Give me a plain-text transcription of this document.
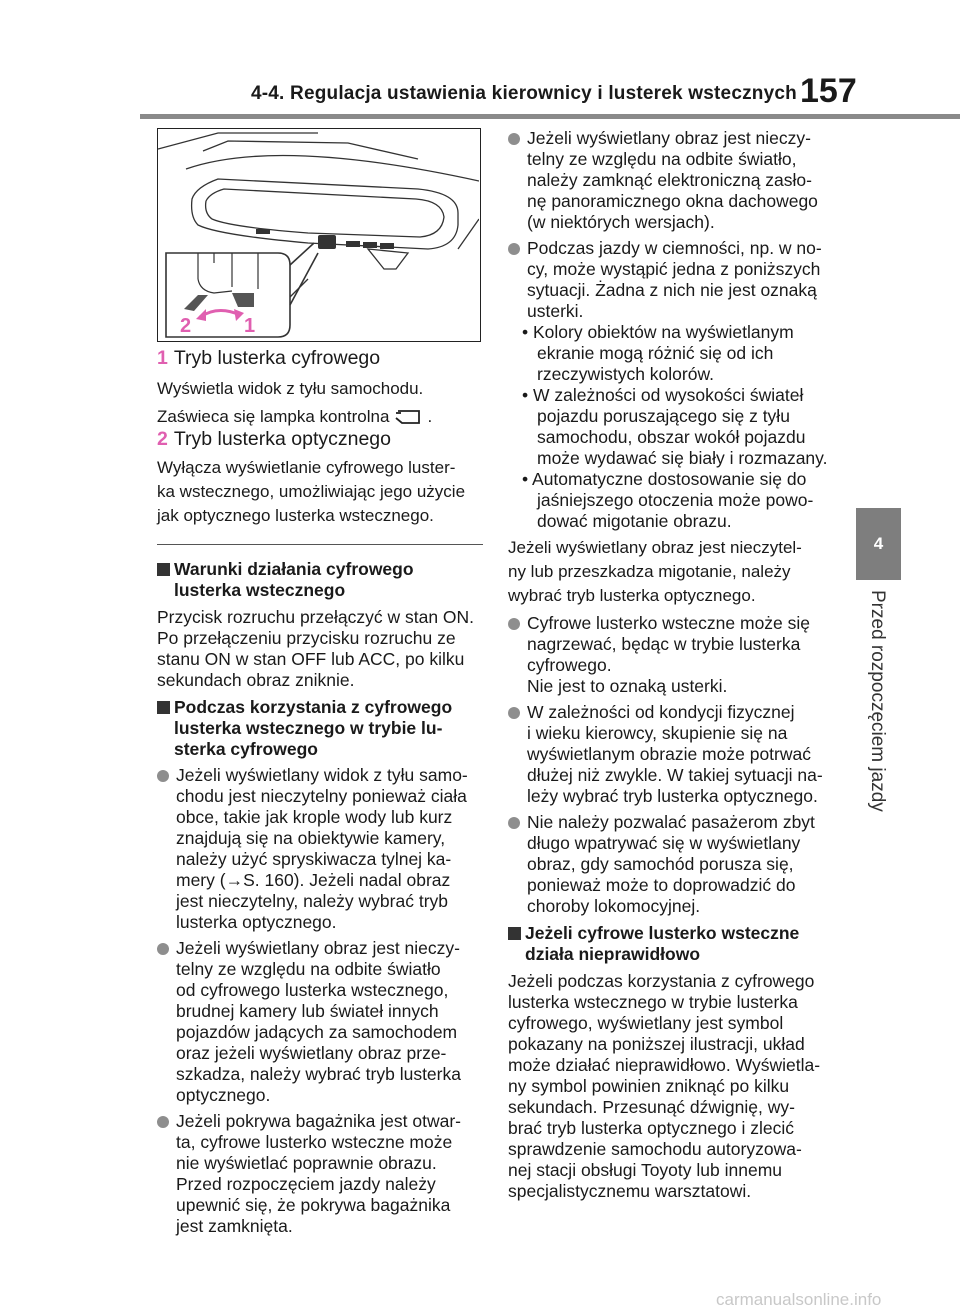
4-4. Regulacja ustawienia kierownicy i lusterek wstecznych 157
4
Przed rozpoczęciem jazdy
2	1

1 Tryb lusterka cyfrowego

Wyświetla widok z tyłu samochodu.

Zaświeca się lampka kontrolna .

2 Tryb lusterka optycznego

Wyłącza wyświetlanie cyfrowego luster-

ka wstecznego, umożliwiając jego użycie

jak optycznego lusterka wstecznego.

Warunki działania cyfrowego
lusterka wstecznego

Przycisk rozruchu przełączyć w stan ON.

Po przełączeniu przycisku rozruchu ze

stanu ON w stan OFF lub ACC, po kilku

sekundach obraz zniknie.

Podczas korzystania z cyfrowego
lusterka wstecznego w trybie lu-
sterka cyfrowego
Jeżeli wyświetlany widok z tyłu samo-
chodu jest nieczytelny ponieważ ciała
obce, takie jak krople wody lub kurz
znajdują się na obiektywie kamery,
należy użyć spryskiwacza tylnej ka-
mery (→S. 160). Jeżeli nadal obraz
jest nieczytelny, należy wybrać tryb
lusterka optycznego.
Jeżeli wyświetlany obraz jest nieczy-
telny ze względu na odbite światło
od cyfrowego lusterka wstecznego,
brudnej kamery lub świateł innych
pojazdów jadących za samochodem
oraz jeżeli wyświetlany obraz prze-
szkadza, należy wybrać tryb lusterka
optycznego.
Jeżeli pokrywa bagażnika jest otwar-
ta, cyfrowe lusterko wsteczne może
nie wyświetlać poprawnie obrazu.
Przed rozpoczęciem jazdy należy
upewnić się, że pokrywa bagażnika
jest zamknięta.
Jeżeli wyświetlany obraz jest nieczy-
telny ze względu na odbite światło,
należy zamknąć elektroniczną zasło-
nę panoramicznego okna dachowego
(w niektórych wersjach).
Podczas jazdy w ciemności, np. w no-
cy, może wystąpić jedna z poniższych
sytuacji. Żadna z nich nie jest oznaką
usterki.
• Kolory obiektów na wyświetlanym
ekranie mogą różnić się od ich
rzeczywistych kolorów.
• W zależności od wysokości świateł
pojazdu poruszającego się z tyłu
samochodu, obszar wokół pojazdu
może wydawać się biały i rozmazany.
• Automatyczne dostosowanie się do
jaśniejszego otoczenia może powo-
dować migotanie obrazu.

Jeżeli wyświetlany obraz jest nieczytel-

ny lub przeszkadza migotanie, należy

wybrać tryb lusterka optycznego.

Cyfrowe lusterko wsteczne może się
nagrzewać, będąc w trybie lusterka
cyfrowego.
Nie jest to oznaką usterki.
W zależności od kondycji fizycznej
i wieku kierowcy, skupienie się na
wyświetlanym obrazie może potrwać
dłużej niż zwykle. W takiej sytuacji na-
leży wybrać tryb lusterka optycznego.
Nie należy pozwalać pasażerom zbyt
długo wpatrywać się w wyświetlany
obraz, gdy samochód porusza się,
ponieważ może to doprowadzić do
choroby lokomocyjnej.
Jeżeli cyfrowe lusterko wsteczne
działa nieprawidłowo

Jeżeli podczas korzystania z cyfrowego

lusterka wstecznego w trybie lusterka

cyfrowego, wyświetlany jest symbol

pokazany na poniższej ilustracji, układ

może działać nieprawidłowo. Wyświetla-

ny symbol powinien zniknąć po kilku

sekundach. Przesunąć dźwignię, wy-

brać tryb lusterka optycznego i zlecić

sprawdzenie samochodu autoryzowa-

nej stacji obsługi Toyoty lub innemu

specjalistycznemu warsztatowi.

carmanualsonline.info
